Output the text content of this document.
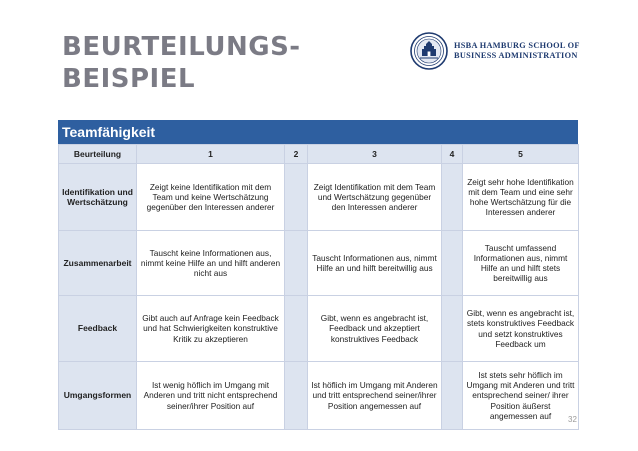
BEURTEILUNGS-
BEISPIEL
HSBA HAMBURG SCHOOL OF
BUSINESS ADMINISTRATION
Teamfähigkeit
Beurteilung	1	2	3	4	5
Identifikation und Wertschätzung	Zeigt keine Identifikation mit dem Team und keine Wertschätzung gegenüber den Interessen anderer		Zeigt Identifikation mit dem Team und Wertschätzung gegenüber den Interessen anderer		Zeigt sehr hohe Identifikation mit dem Team und eine sehr hohe Wertschätzung für die Interessen anderer
Zusammenarbeit	Tauscht keine Informationen aus, nimmt keine Hilfe an und hilft anderen nicht aus		Tauscht Informationen aus, nimmt Hilfe an und hilft bereitwillig aus		Tauscht umfassend Informationen aus, nimmt Hilfe an und hilft stets bereitwillig aus
Feedback	Gibt auch auf Anfrage kein Feedback und hat Schwierigkeiten konstruktive Kritik zu akzeptieren		Gibt, wenn es angebracht ist, Feedback und akzeptiert konstruktives Feedback		Gibt, wenn es angebracht ist, stets konstruktives Feedback und setzt konstruktives Feedback um
Umgangsformen	Ist wenig höflich im Umgang mit Anderen und tritt nicht entsprechend seiner/ihrer Position auf		Ist höflich im Umgang mit Anderen und tritt entsprechend seiner/ihrer Position angemessen auf		Ist stets sehr höflich im Umgang mit Anderen und tritt entsprechend seiner/ ihrer Position äußerst angemessen auf 32
